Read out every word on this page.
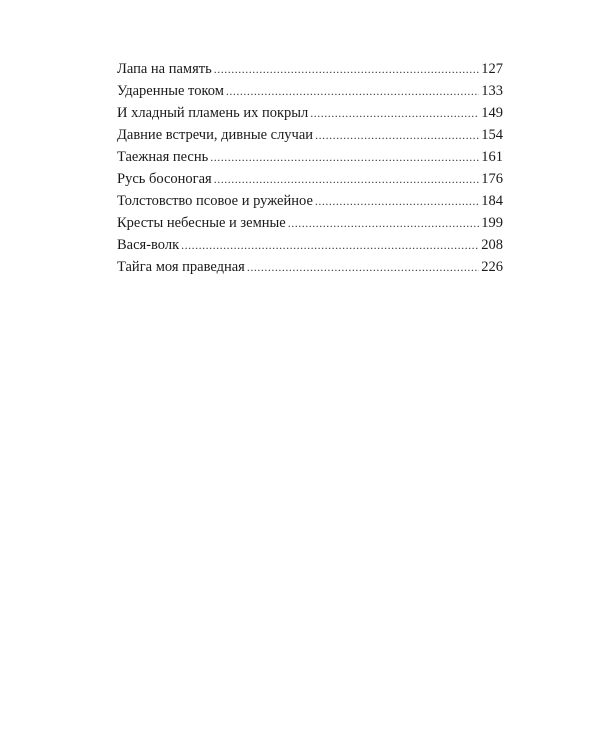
Лапа на память .....	127
Ударенные током .....	133
И хладный пламень их покрыл .....	149
Давние встречи, дивные случаи .....	154
Таежная песнь .....	161
Русь босоногая .....	176
Толстовство псовое и ружейное .....	184
Кресты небесные и земные .....	199
Вася-волк .....	208
Тайга моя праведная .....	226
